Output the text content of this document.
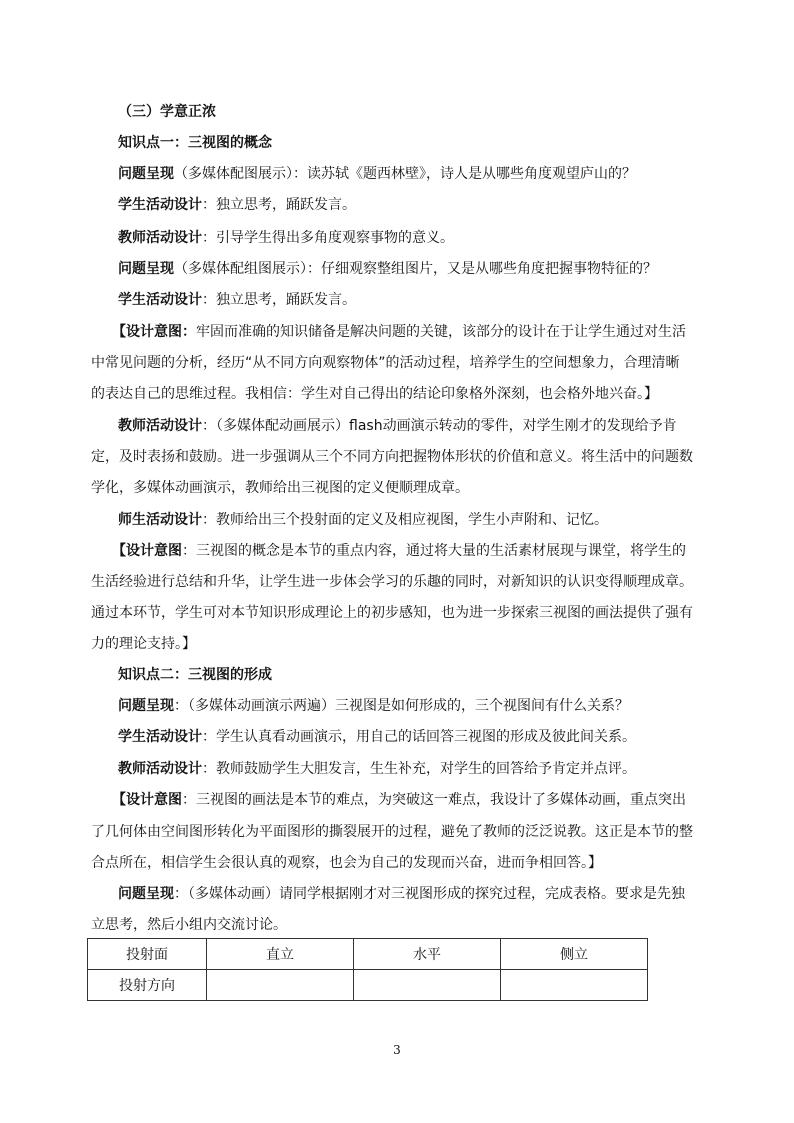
（三）学意正浓
知识点一：三视图的概念
问题呈现（多媒体配图展示）：读苏轼《题西林壁》，诗人是从哪些角度观望庐山的？
学生活动设计：独立思考，踊跃发言。
教师活动设计：引导学生得出多角度观察事物的意义。
问题呈现（多媒体配组图展示）：仔细观察整组图片，又是从哪些角度把握事物特征的？
学生活动设计：独立思考，踊跃发言。
【设计意图：牢固而准确的知识储备是解决问题的关键，该部分的设计在于让学生通过对生活
中常见问题的分析，经历“从不同方向观察物体”的活动过程，培养学生的空间想象力，合理清晰
的表达自己的思维过程。我相信：学生对自己得出的结论印象格外深刻，也会格外地兴奋。】
教师活动设计：（多媒体配动画展示）flash动画演示转动的零件，对学生刚才的发现给予肯
定，及时表扬和鼓励。进一步强调从三个不同方向把握物体形状的价值和意义。将生活中的问题数
学化，多媒体动画演示，教师给出三视图的定义便顺理成章。
师生活动设计：教师给出三个投射面的定义及相应视图，学生小声附和、记忆。
【设计意图：三视图的概念是本节的重点内容，通过将大量的生活素材展现与课堂，将学生的
生活经验进行总结和升华，让学生进一步体会学习的乐趣的同时，对新知识的认识变得顺理成章。
通过本环节，学生可对本节知识形成理论上的初步感知，也为进一步探索三视图的画法提供了强有
力的理论支持。】
知识点二：三视图的形成
问题呈现：（多媒体动画演示两遍）三视图是如何形成的，三个视图间有什么关系？
学生活动设计：学生认真看动画演示，用自己的话回答三视图的形成及彼此间关系。
教师活动设计：教师鼓励学生大胆发言，生生补充，对学生的回答给予肯定并点评。
【设计意图：三视图的画法是本节的难点，为突破这一难点，我设计了多媒体动画，重点突出
了几何体由空间图形转化为平面图形的撕裂展开的过程，避免了教师的泛泛说教。这正是本节的整
合点所在，相信学生会很认真的观察，也会为自己的发现而兴奋，进而争相回答。】
问题呈现：（多媒体动画）请同学根据刚才对三视图形成的探究过程，完成表格。要求是先独
立思考，然后小组内交流讨论。
投射面	直立	水平	侧立
投射方向			
3
